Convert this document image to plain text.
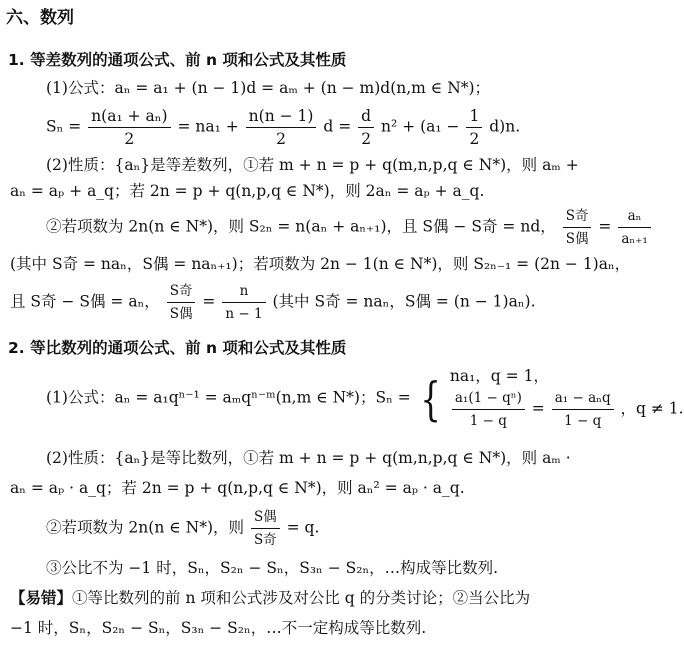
六、数列
1. 等差数列的通项公式、前 n 项和公式及其性质
(1)公式：aₙ = a₁ + (n − 1)d = aₘ + (n − m)d(n,m ∈ N*)；
$S_n = \frac{\text{n(a₁ + aₙ)}}{2} = na_1 + \frac{n(n - 1)}{2}$ $d = \frac{d}{2} n^2 + (a_1 - \frac{1}{2} d)n$.
(2)性质：{aₙ}是等差数列，①若 m + n = p + q(m,n,p,q ∈ N*)，则 aₘ +
aₙ = aₚ + a_q；若 2n = p + q(n,p,q ∈ N*)，则 2aₙ = aₚ + a_q.
②若项数为 2n(n ∈ N*)，则 S₂ₙ = n(aₙ + aₙ₊₁)，且 S偶 − S奇 = nd， $\frac{\text{S奇}}{\text{S偶}} = \frac{\text{aₙ}}{\text{aₙ₊₁}}$
(其中 S奇 = naₙ，S偶 = naₙ₊₁)；若项数为 2n − 1(n ∈ N*)，则 S₂ₙ₋₁ = (2n − 1)aₙ，
且 S奇 − S偶 = aₙ， $\frac{\text{S奇}}{\text{S偶}} = \frac{n}{n - 1}$ (其中 S奇 = naₙ，S偶 = (n − 1)aₙ).
2. 等比数列的通项公式、前 n 项和公式及其性质
(1)公式：aₙ = a₁qⁿ⁻¹ = aₘqⁿ⁻ᵐ(n,m ∈ N*)；Sₙ = { na₁，q = 1，
$\frac{\text{a₁(1 − qⁿ)}}{1 - q} = \frac{\text{a₁ − aₙq}}{1 - q}$ ，q ≠ 1.
(2)性质：{aₙ}是等比数列，①若 m + n = p + q(m,n,p,q ∈ N*)，则 aₘ ·
aₙ = aₚ · a_q；若 2n = p + q(n,p,q ∈ N*)，则 aₙ² = aₚ · a_q.
②若项数为 2n(n ∈ N*)，则 $\frac{\text{S偶}}{\text{S奇}} = q$.
③公比不为 −1 时，Sₙ，S₂ₙ − Sₙ，S₃ₙ − S₂ₙ，…构成等比数列.
【易错】①等比数列的前 n 项和公式涉及对公比 q 的分类讨论；②当公比为
−1 时，Sₙ，S₂ₙ − Sₙ，S₃ₙ − S₂ₙ，…不一定构成等比数列.
